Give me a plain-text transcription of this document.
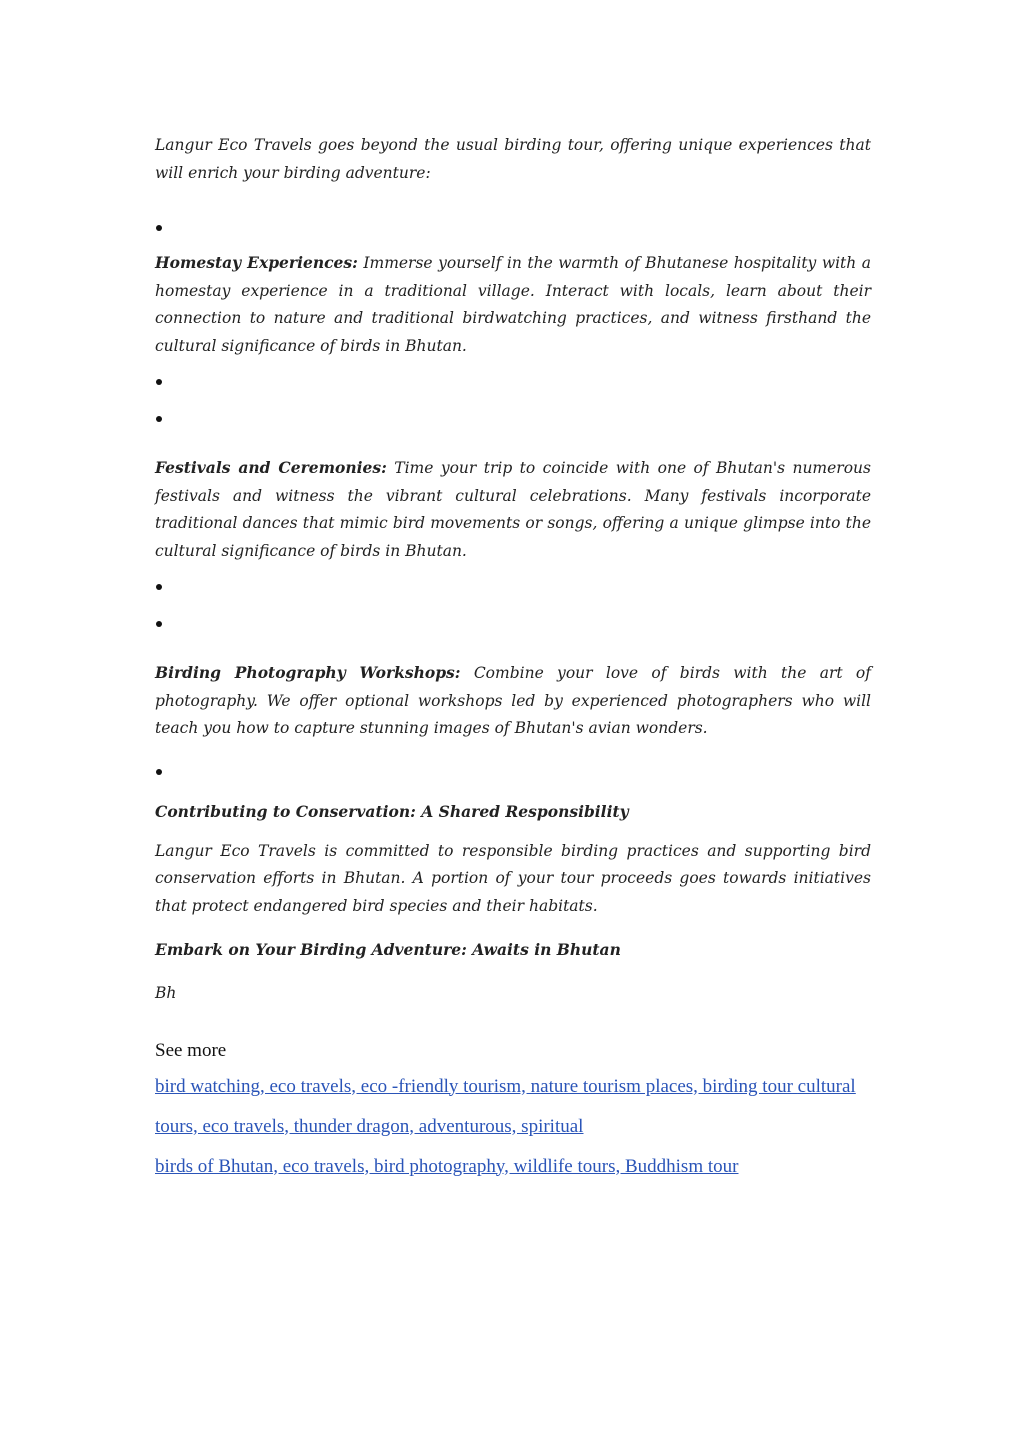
Langur Eco Travels goes beyond the usual birding tour, offering unique experiences that will enrich your birding adventure:

Homestay Experiences: Immerse yourself in the warmth of Bhutanese hospitality with a homestay experience in a traditional village. Interact with locals, learn about their connection to nature and traditional birdwatching practices, and witness firsthand the cultural significance of birds in Bhutan.

Festivals and Ceremonies: Time your trip to coincide with one of Bhutan's numerous festivals and witness the vibrant cultural celebrations. Many festivals incorporate traditional dances that mimic bird movements or songs, offering a unique glimpse into the cultural significance of birds in Bhutan.

Birding Photography Workshops: Combine your love of birds with the art of photography. We offer optional workshops led by experienced photographers who will teach you how to capture stunning images of Bhutan's avian wonders.

Contributing to Conservation: A Shared Responsibility

Langur Eco Travels is committed to responsible birding practices and supporting bird conservation efforts in Bhutan. A portion of your tour proceeds goes towards initiatives that protect endangered bird species and their habitats.

Embark on Your Birding Adventure: Awaits in Bhutan

Bh

See more

bird watching, eco travels, eco -friendly tourism, nature tourism places, birding tour cultural

tours, eco travels, thunder dragon, adventurous, spiritual

birds of Bhutan, eco travels, bird photography, wildlife tours, Buddhism tour
